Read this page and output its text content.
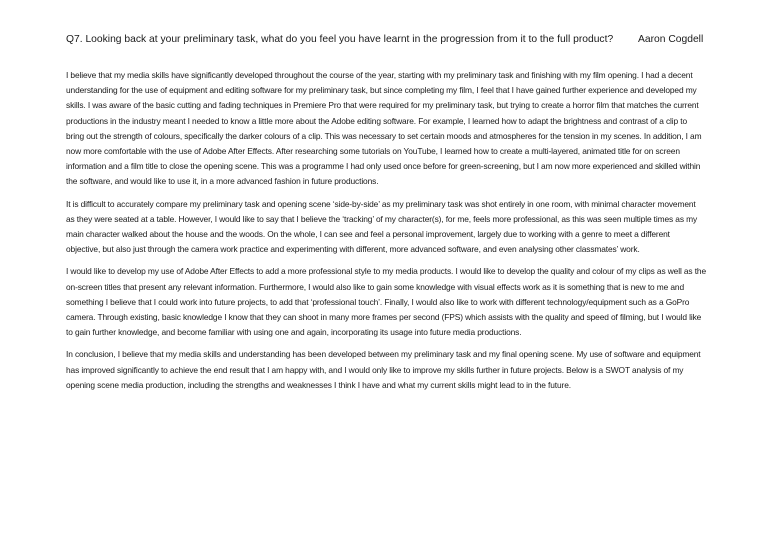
Q7. Looking back at your preliminary task, what do you feel you have learnt in the progression from it to the full product? Aaron Cogdell

I believe that my media skills have significantly developed throughout the course of the year, starting with my preliminary task and finishing with my film opening. I had a decent understanding for the use of equipment and editing software for my preliminary task, but since completing my film, I feel that I have gained further experience and developed my skills. I was aware of the basic cutting and fading techniques in Premiere Pro that were required for my preliminary task, but trying to create a horror film that matches the current productions in the industry meant I needed to know a little more about the Adobe editing software. For example, I learned how to adapt the brightness and contrast of a clip to bring out the strength of colours, specifically the darker colours of a clip. This was necessary to set certain moods and atmospheres for the tension in my scenes. In addition, I am now more comfortable with the use of Adobe After Effects. After researching some tutorials on YouTube, I learned how to create a multi-layered, animated title for on screen information and a film title to close the opening scene. This was a programme I had only used once before for green-screening, but I am now more experienced and skilled within the software, and would like to use it, in a more advanced fashion in future productions.

It is difficult to accurately compare my preliminary task and opening scene ‘side-by-side’ as my preliminary task was shot entirely in one room, with minimal character movement as they were seated at a table. However, I would like to say that I believe the ‘tracking’ of my character(s), for me, feels more professional, as this was seen multiple times as my main character walked about the house and the woods. On the whole, I can see and feel a personal improvement, largely due to working with a genre to meet a different objective, but also just through the camera work practice and experimenting with different, more advanced software, and even analysing other classmates’ work.

I would like to develop my use of Adobe After Effects to add a more professional style to my media products. I would like to develop the quality and colour of my clips as well as the on-screen titles that present any relevant information. Furthermore, I would also like to gain some knowledge with visual effects work as it is something that is new to me and something I believe that I could work into future projects, to add that ‘professional touch’. Finally, I would also like to work with different technology/equipment such as a GoPro camera. Through existing, basic knowledge I know that they can shoot in many more frames per second (FPS) which assists with the quality and speed of filming, but I would like to gain further knowledge, and become familiar with using one and again, incorporating its usage into future media productions.

In conclusion, I believe that my media skills and understanding has been developed between my preliminary task and my final opening scene. My use of software and equipment has improved significantly to achieve the end result that I am happy with, and I would only like to improve my skills further in future projects. Below is a SWOT analysis of my opening scene media production, including the strengths and weaknesses I think I have and what my current skills might lead to in the future.
